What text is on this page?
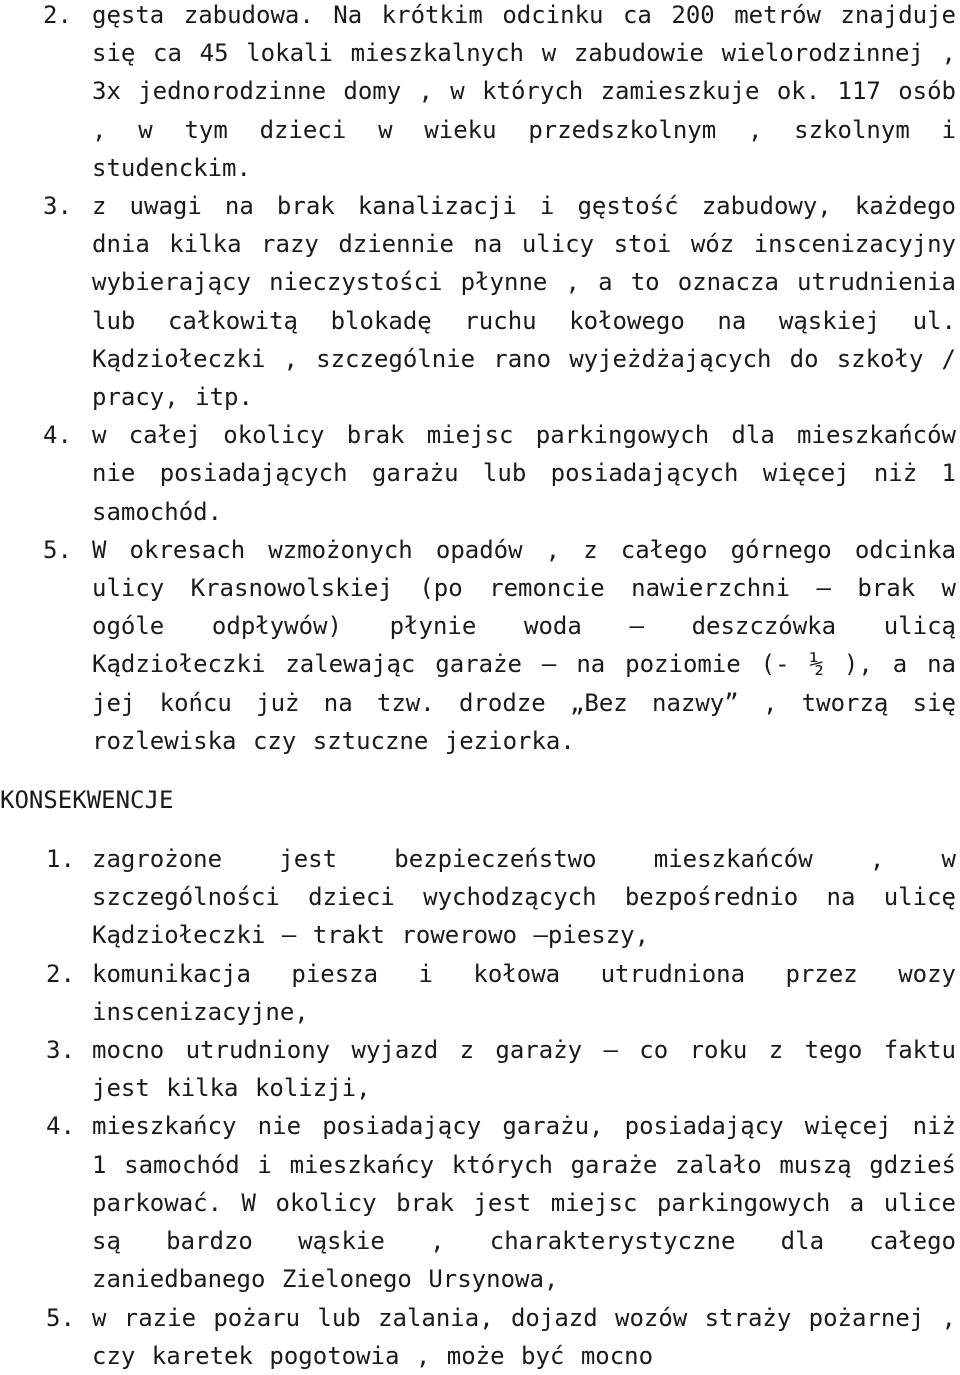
2. gęsta zabudowa. Na krótkim odcinku ca 200 metrów znajduje się ca 45 lokali mieszkalnych w zabudowie wielorodzinnej , 3x jednorodzinne domy , w których zamieszkuje ok. 117 osób , w tym dzieci w wieku przedszkolnym , szkolnym i studenckim.
3. z uwagi na brak kanalizacji i gęstość zabudowy, każdego dnia kilka razy dziennie na ulicy stoi wóz inscenizacyjny wybierający nieczystości płynne , a to oznacza utrudnienia lub całkowitą blokadę ruchu kołowego na wąskiej ul. Kądziołeczki , szczególnie rano wyjeżdżających do szkoły / pracy, itp.
4. w całej okolicy brak miejsc parkingowych dla mieszkańców nie posiadających garażu lub posiadających więcej niż 1 samochód.
5. W okresach wzmożonych opadów , z całego górnego odcinka ulicy Krasnowolskiej (po remoncie nawierzchni – brak w ogóle odpływów) płynie woda – deszczówka ulicą Kądziołeczki zalewając garaże – na poziomie (- ½ ), a na jej końcu już na tzw. drodze „Bez nazwy” , tworzą się rozlewiska czy sztuczne jeziorka.
KONSEKWENCJE
1. zagrożone jest bezpieczeństwo mieszkańców , w szczególności dzieci wychodzących bezpośrednio na ulicę Kądziołeczki – trakt rowerowo –pieszy,
2. komunikacja piesza i kołowa utrudniona przez wozy inscenizacyjne,
3. mocno utrudniony wyjazd z garaży – co roku z tego faktu jest kilka kolizji,
4. mieszkańcy nie posiadający garażu, posiadający więcej niż 1 samochód i mieszkańcy których garaże zalało muszą gdzieś parkować. W okolicy brak jest miejsc parkingowych a ulice są bardzo wąskie , charakterystyczne dla całego zaniedbanego Zielonego Ursynowa,
5. w razie pożaru lub zalania, dojazd wozów straży pożarnej , czy karetek pogotowia , może być mocno
